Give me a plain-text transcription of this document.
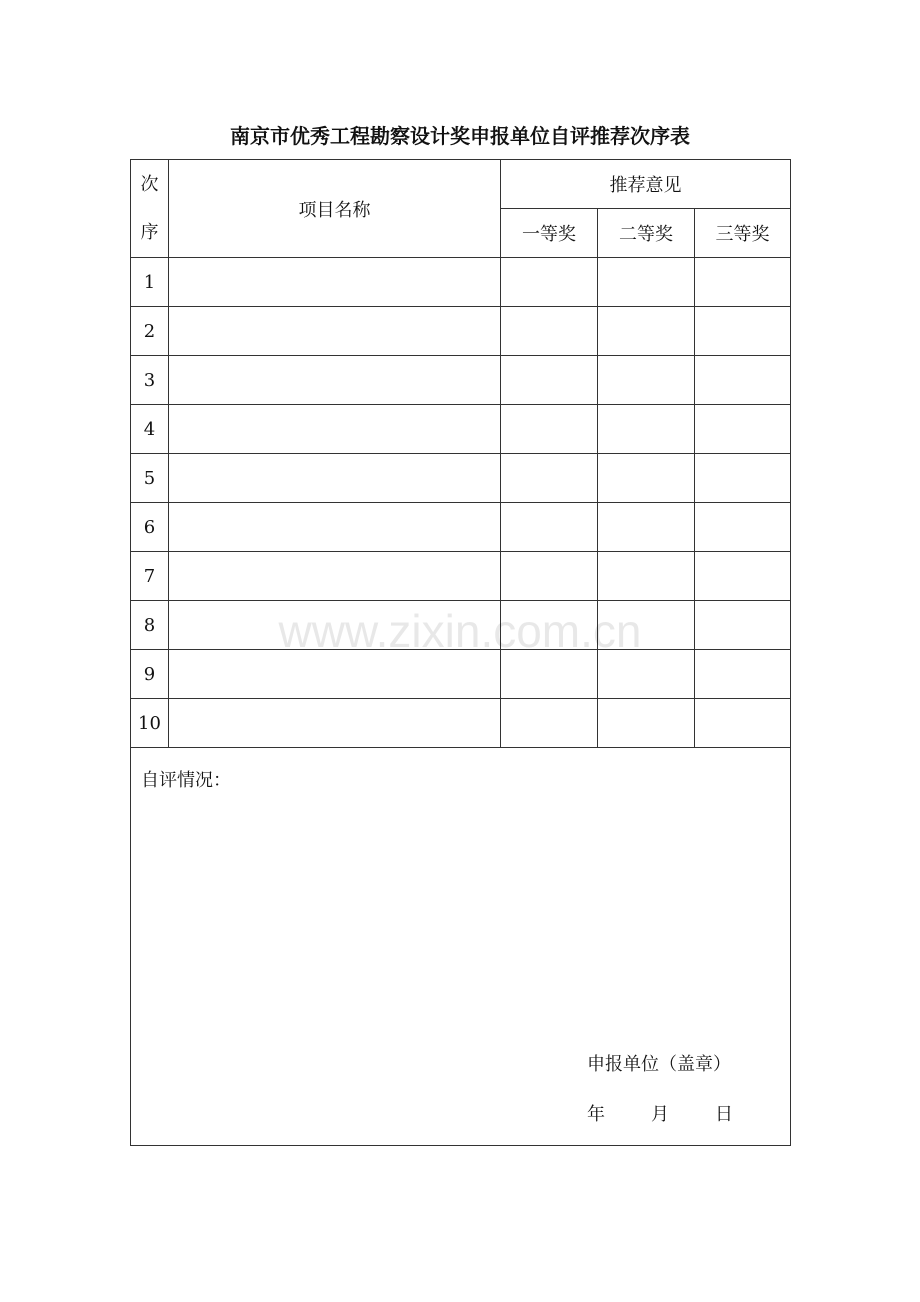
南京市优秀工程勘察设计奖申报单位自评推荐次序表
次
序	项目名称	推荐意见		
		一等奖	二等奖	三等奖
1				
2				
3				
4				
5				
6				
7				
8				
9				
10				

自评情况：
申报单位（盖章）
年 月 日				
www.zixin.com.cn
